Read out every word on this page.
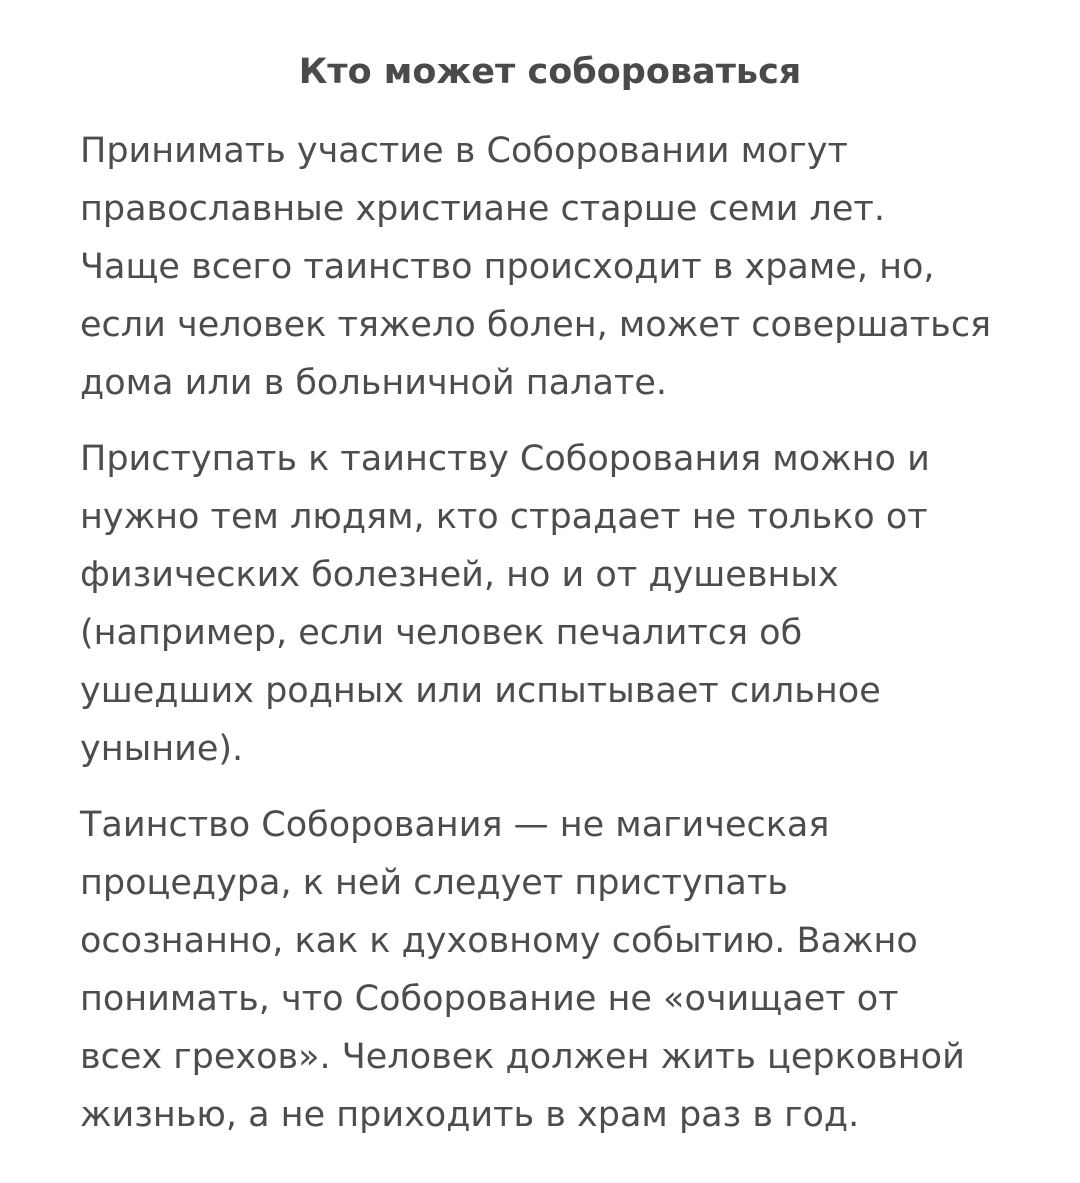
Кто может собороваться

Принимать участие в Соборовании могут
православные христиане старше семи лет.
Чаще всего таинство происходит в храме, но,
если человек тяжело болен, может совершаться
дома или в больничной палате.

Приступать к таинству Соборования можно и
нужно тем людям, кто страдает не только от
физических болезней, но и от душевных
(например, если человек печалится об
ушедших родных или испытывает сильное
уныние).

Таинство Соборования — не магическая
процедура, к ней следует приступать
осознанно, как к духовному событию. Важно
понимать, что Соборование не «очищает от
всех грехов». Человек должен жить церковной
жизнью, а не приходить в храм раз в год.
